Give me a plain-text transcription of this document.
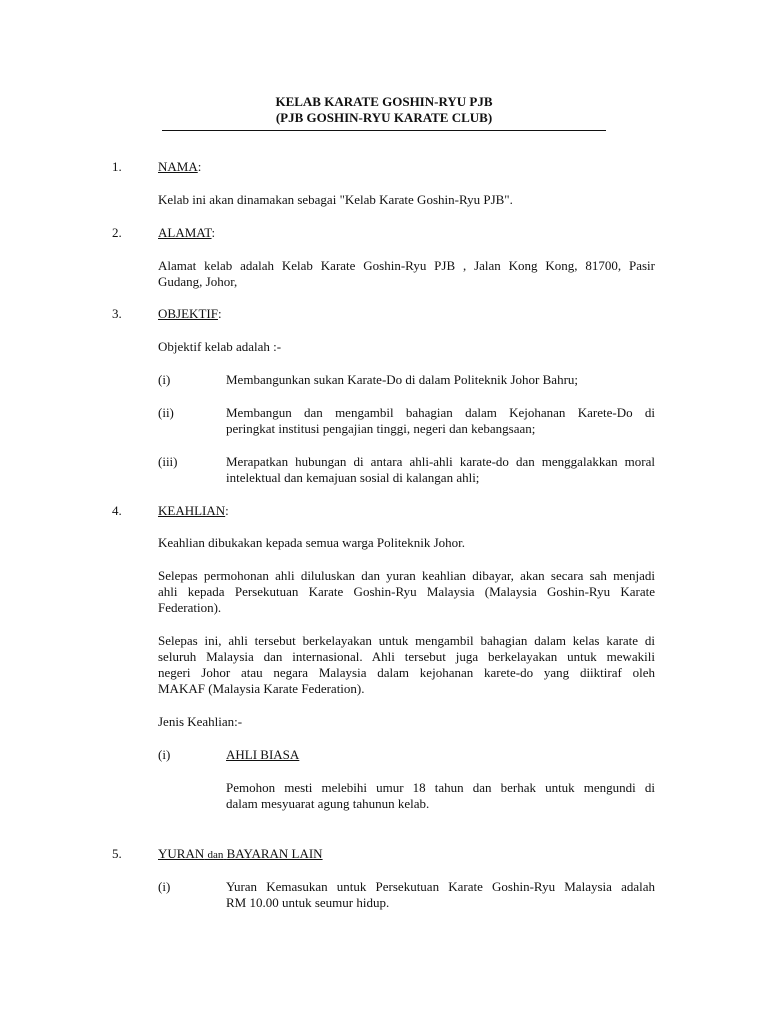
KELAB KARATE GOSHIN-RYU PJB
(PJB GOSHIN-RYU KARATE CLUB)
1.	NAMA:
Kelab ini akan dinamakan sebagai "Kelab Karate Goshin-Ryu PJB".
2.	ALAMAT:
Alamat kelab adalah Kelab Karate Goshin-Ryu PJB , Jalan Kong Kong, 81700, Pasir
Gudang, Johor,
3.	OBJEKTIF:
Objektif kelab adalah :-
(i)	Membangunkan sukan Karate-Do di dalam Politeknik Johor Bahru;
(ii)	Membangun dan mengambil bahagian dalam Kejohanan Karete-Do di
peringkat institusi pengajian tinggi, negeri dan kebangsaan;
(iii)	Merapatkan hubungan di antara ahli-ahli karate-do dan menggalakkan moral
intelektual dan kemajuan sosial di kalangan ahli;
4.	KEAHLIAN:
Keahlian dibukakan kepada semua warga Politeknik Johor.
Selepas permohonan ahli diluluskan dan yuran keahlian dibayar, akan secara sah menjadi
ahli kepada Persekutuan Karate Goshin-Ryu Malaysia (Malaysia Goshin-Ryu Karate
Federation).
Selepas ini, ahli tersebut berkelayakan untuk mengambil bahagian dalam kelas karate di
seluruh Malaysia dan internasional. Ahli tersebut juga berkelayakan untuk mewakili
negeri Johor atau negara Malaysia dalam kejohanan karete-do yang diiktiraf oleh
MAKAF (Malaysia Karate Federation).
Jenis Keahlian:-
(i)	AHLI BIASA
Pemohon mesti melebihi umur 18 tahun dan berhak untuk mengundi di
dalam mesyuarat agung tahunun kelab.
5.	YURAN dan BAYARAN LAIN
(i)	Yuran Kemasukan untuk Persekutuan Karate Goshin-Ryu Malaysia adalah
RM 10.00 untuk seumur hidup.
